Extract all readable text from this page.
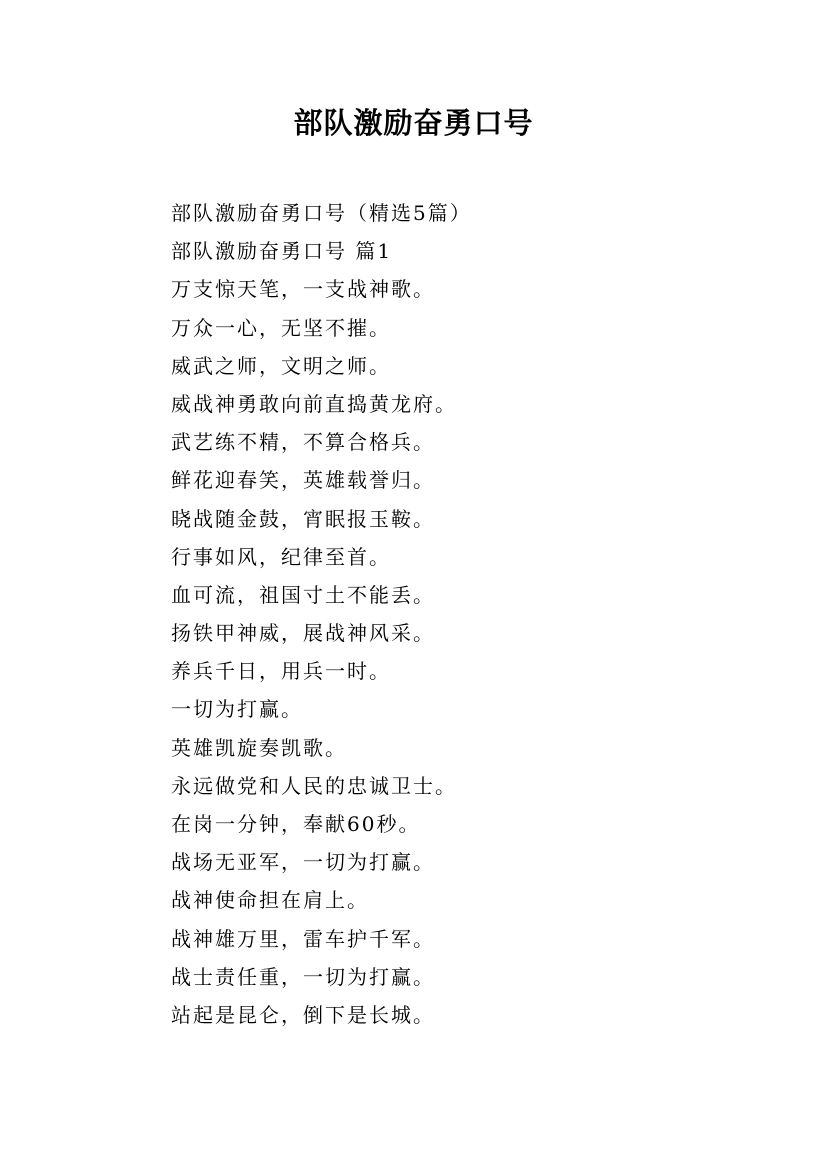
部队激励奋勇口号
部队激励奋勇口号（精选5篇）
部队激励奋勇口号 篇1
万支惊天笔，一支战神歌。
万众一心，无坚不摧。
威武之师，文明之师。
威战神勇敢向前直捣黄龙府。
武艺练不精，不算合格兵。
鲜花迎春笑，英雄载誉归。
晓战随金鼓，宵眠报玉鞍。
行事如风，纪律至首。
血可流，祖国寸土不能丢。
扬铁甲神威，展战神风采。
养兵千日，用兵一时。
一切为打赢。
英雄凯旋奏凯歌。
永远做党和人民的忠诚卫士。
在岗一分钟，奉献60秒。
战场无亚军，一切为打赢。
战神使命担在肩上。
战神雄万里，雷车护千军。
战士责任重，一切为打赢。
站起是昆仑，倒下是长城。
